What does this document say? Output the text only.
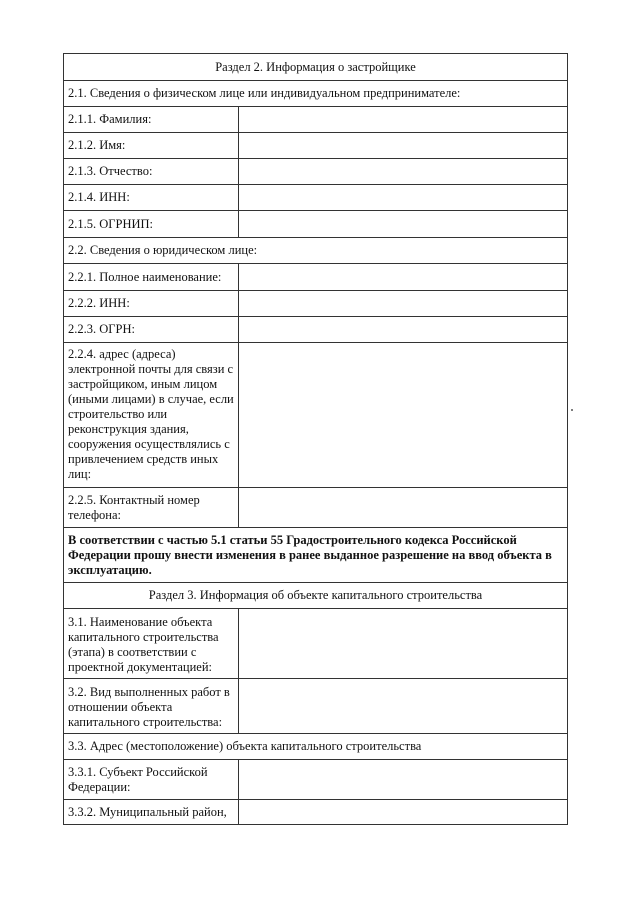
Раздел 2. Информация о застройщике	
2.1. Сведения о физическом лице или индивидуальном предпринимателе:	
2.1.1. Фамилия:	
2.1.2. Имя:	
2.1.3. Отчество:	
2.1.4. ИНН:	
2.1.5. ОГРНИП:	
2.2. Сведения о юридическом лице:	
2.2.1. Полное наименование:	
2.2.2. ИНН:	
2.2.3. ОГРН:	
2.2.4. адрес (адреса) электронной почты для связи с застройщиком, иным лицом (иными лицами) в случае, если строительство или реконструкция здания, сооружения осуществлялись с привлечением средств иных лиц:	
2.2.5. Контактный номер телефона:	
В соответствии с частью 5.1 статьи 55 Градостроительного кодекса Российской Федерации прошу внести изменения в ранее выданное разрешение на ввод объекта в эксплуатацию.	
Раздел 3. Информация об объекте капитального строительства	
3.1. Наименование объекта капитального строительства (этапа) в соответствии с проектной документацией:	
3.2. Вид выполненных работ в отношении объекта капитального строительства:	
3.3. Адрес (местоположение) объекта капитального строительства	
3.3.1. Субъект Российской Федерации:	
3.3.2. Муниципальный район,	
